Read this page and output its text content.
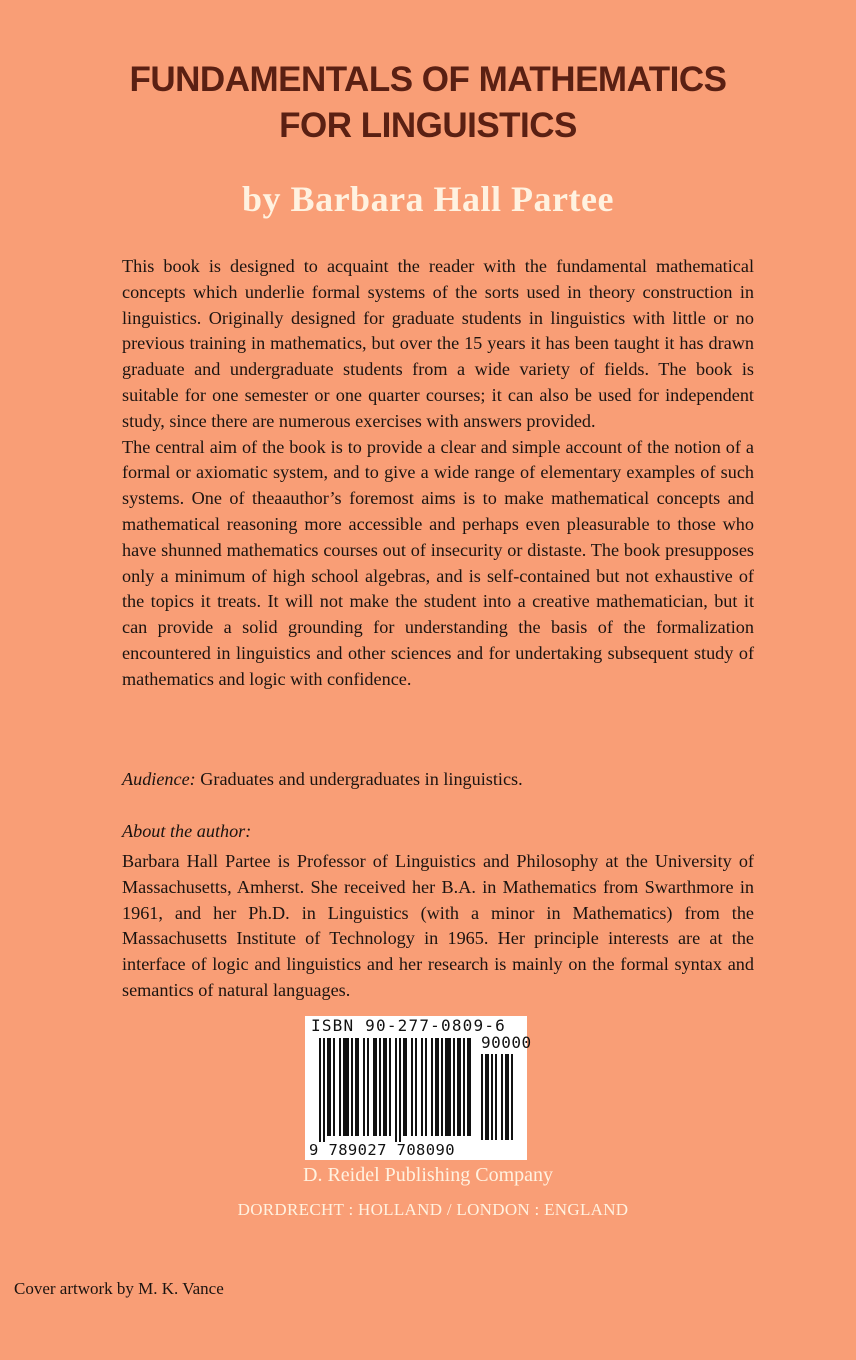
FUNDAMENTALS OF MATHEMATICS
FOR LINGUISTICS
by Barbara Hall Partee

This book is designed to acquaint the reader with the fundamental mathematical concepts which underlie formal systems of the sorts used in theory construction in linguistics. Originally designed for graduate students in linguistics with little or no previous training in mathematics, but over the 15 years it has been taught it has drawn graduate and undergraduate students from a wide variety of fields. The book is suitable for one semester or one quarter courses; it can also be used for independent study, since there are numerous exercises with answers provided.

The central aim of the book is to provide a clear and simple account of the notion of a formal or axiomatic system, and to give a wide range of elementary examples of such systems. One of theaauthor’s foremost aims is to make mathematical concepts and mathematical reasoning more accessible and perhaps even pleasurable to those who have shunned mathematics courses out of insecurity or distaste. The book presupposes only a minimum of high school algebras, and is self-contained but not exhaustive of the topics it treats. It will not make the student into a creative mathematician, but it can provide a solid grounding for understanding the basis of the formalization encountered in linguistics and other sciences and for undertaking subsequent study of mathematics and logic with confidence.

Audience: Graduates and undergraduates in linguistics.
About the author:
Barbara Hall Partee is Professor of Linguistics and Philosophy at the University of Massachusetts, Amherst. She received her B.A. in Mathematics from Swarthmore in 1961, and her Ph.D. in Linguistics (with a minor in Mathematics) from the Massachusetts Institute of Technology in 1965. Her principle interests are at the interface of logic and linguistics and her research is mainly on the formal syntax and semantics of natural languages.
ISBN 90-277-0809-6
90000
9 789027 708090
D. Reidel Publishing Company
DORDRECHT : HOLLAND / LONDON : ENGLAND
Cover artwork by M. K. Vance
